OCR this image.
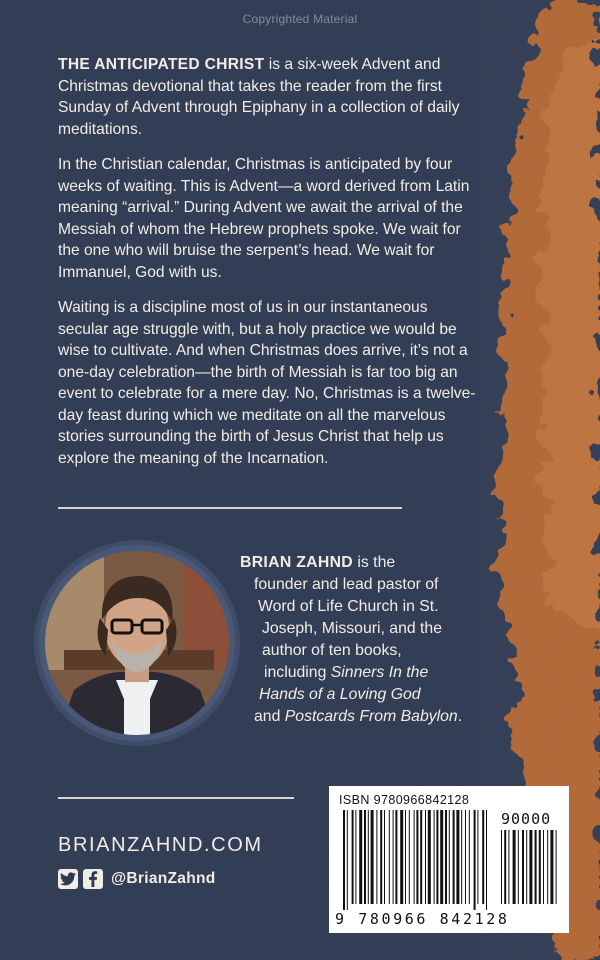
Copyrighted Material

THE ANTICIPATED CHRIST is a six-week Advent and Christmas devotional that takes the reader from the first Sunday of Advent through Epiphany in a collection of daily meditations.

In the Christian calendar, Christmas is anticipated by four weeks of waiting. This is Advent—a word derived from Latin meaning “arrival.” During Advent we await the arrival of the Messiah of whom the Hebrew prophets spoke. We wait for the one who will bruise the serpent’s head. We wait for Immanuel, God with us.

Waiting is a discipline most of us in our instantaneous secular age struggle with, but a holy practice we would be wise to cultivate. And when Christmas does arrive, it’s not a one-day celebration—the birth of Messiah is far too big an event to celebrate for a mere day. No, Christmas is a twelve-day feast during which we meditate on all the marvelous stories surrounding the birth of Jesus Christ that help us explore the meaning of the Incarnation.

BRIAN ZAHND is the
founder and lead pastor of
Word of Life Church in St.
Joseph, Missouri, and the
author of ten books,
including Sinners In the
Hands of a Loving God
and Postcards From Babylon.
BRIANZAHND.COM
@BrianZahnd
ISBN 9780966842128
90000
9 780966 842128
